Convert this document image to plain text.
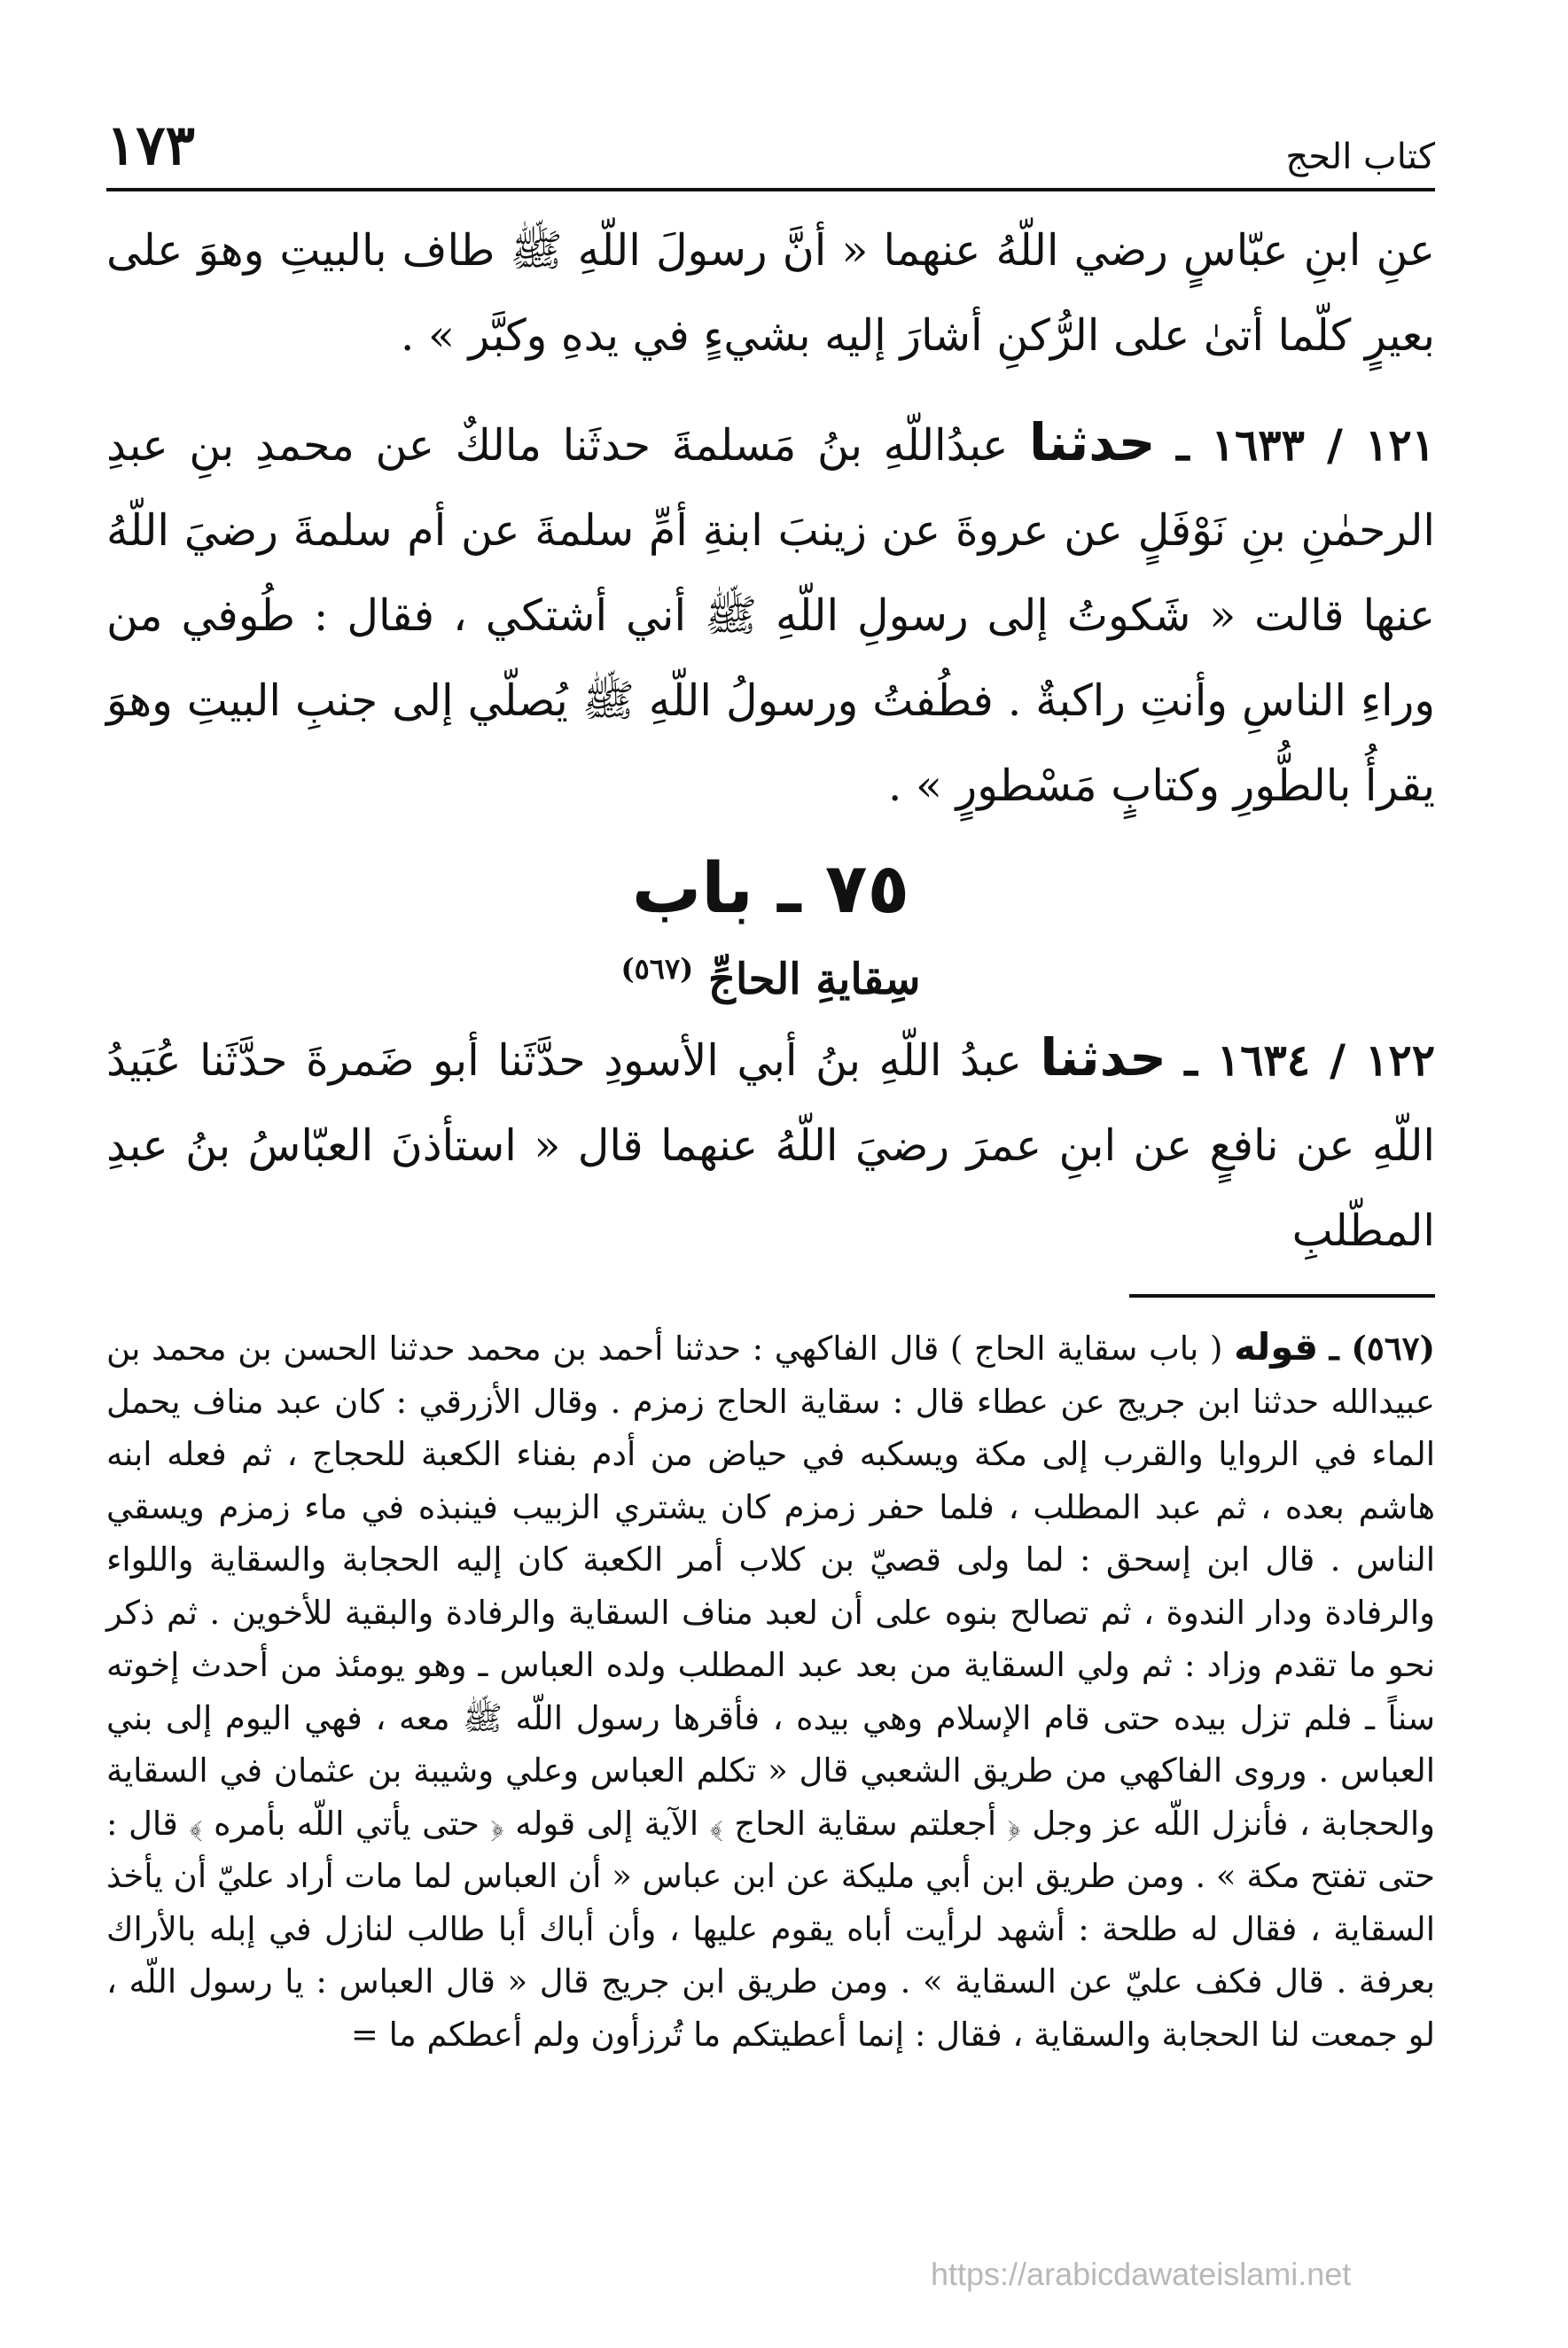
١٧٣	كتاب الحج

عنِ ابنِ عبّاسٍ رضي اللّهُ عنهما « أنَّ رسولَ اللّهِ ﷺ طاف بالبيتِ وهوَ على بعيرٍ كلّما أتىٰ على الرُّكنِ أشارَ إليه بشيءٍ في يدهِ وكبَّر » .

١٢١ / ١٦٣٣ ـ حدثنا عبدُاللّهِ بنُ مَسلمةَ حدثَنا مالكٌ عن محمدِ بنِ عبدِ الرحمٰنِ بنِ نَوْفَلٍ عن عروةَ عن زينبَ ابنةِ أمِّ سلمةَ عن أم سلمةَ رضيَ اللّهُ عنها قالت « شَكوتُ إلى رسولِ اللّهِ ﷺ أني أشتكي ، فقال : طُوفي من وراءِ الناسِ وأنتِ راكبةٌ . فطُفتُ ورسولُ اللّهِ ﷺ يُصلّي إلى جنبِ البيتِ وهوَ يقرأُ بالطُّورِ وكتابٍ مَسْطورٍ » .

٧٥ ـ باب
سِقايةِ الحاجِّ $^{(٥٦٧)}$

١٢٢ / ١٦٣٤ ـ حدثنا عبدُ اللّهِ بنُ أبي الأسودِ حدَّثَنا أبو ضَمرةَ حدَّثَنا عُبَيدُ اللّهِ عن نافعٍ عن ابنِ عمرَ رضيَ اللّهُ عنهما قال « استأذنَ العبّاسُ بنُ عبدِ المطّلبِ

(٥٦٧) ـ قوله ( باب سقاية الحاج ) قال الفاكهي : حدثنا أحمد بن محمد حدثنا الحسن بن محمد بن عبيدالله حدثنا ابن جريج عن عطاء قال : سقاية الحاج زمزم . وقال الأزرقي : كان عبد مناف يحمل الماء في الروايا والقرب إلى مكة ويسكبه في حياض من أدم بفناء الكعبة للحجاج ، ثم فعله ابنه هاشم بعده ، ثم عبد المطلب ، فلما حفر زمزم كان يشتري الزبيب فينبذه في ماء زمزم ويسقي الناس . قال ابن إسحق : لما ولى قصيّ بن كلاب أمر الكعبة كان إليه الحجابة والسقاية واللواء والرفادة ودار الندوة ، ثم تصالح بنوه على أن لعبد مناف السقاية والرفادة والبقية للأخوين . ثم ذكر نحو ما تقدم وزاد : ثم ولي السقاية من بعد عبد المطلب ولده العباس ـ وهو يومئذ من أحدث إخوته سناً ـ فلم تزل بيده حتى قام الإسلام وهي بيده ، فأقرها رسول اللّه ﷺ معه ، فهي اليوم إلى بني العباس . وروى الفاكهي من طريق الشعبي قال « تكلم العباس وعلي وشيبة بن عثمان في السقاية والحجابة ، فأنزل اللّه عز وجل ﴿ أجعلتم سقاية الحاج ﴾ الآية إلى قوله ﴿ حتى يأتي اللّه بأمره ﴾ قال : حتى تفتح مكة » . ومن طريق ابن أبي مليكة عن ابن عباس « أن العباس لما مات أراد عليّ أن يأخذ السقاية ، فقال له طلحة : أشهد لرأيت أباه يقوم عليها ، وأن أباك أبا طالب لنازل في إبله بالأراك بعرفة . قال فكف عليّ عن السقاية » . ومن طريق ابن جريج قال « قال العباس : يا رسول اللّه ، لو جمعت لنا الحجابة والسقاية ، فقال : إنما أعطيتكم ما تُرزأون ولم أعطكم ما =
https://arabicdawateislami.net
